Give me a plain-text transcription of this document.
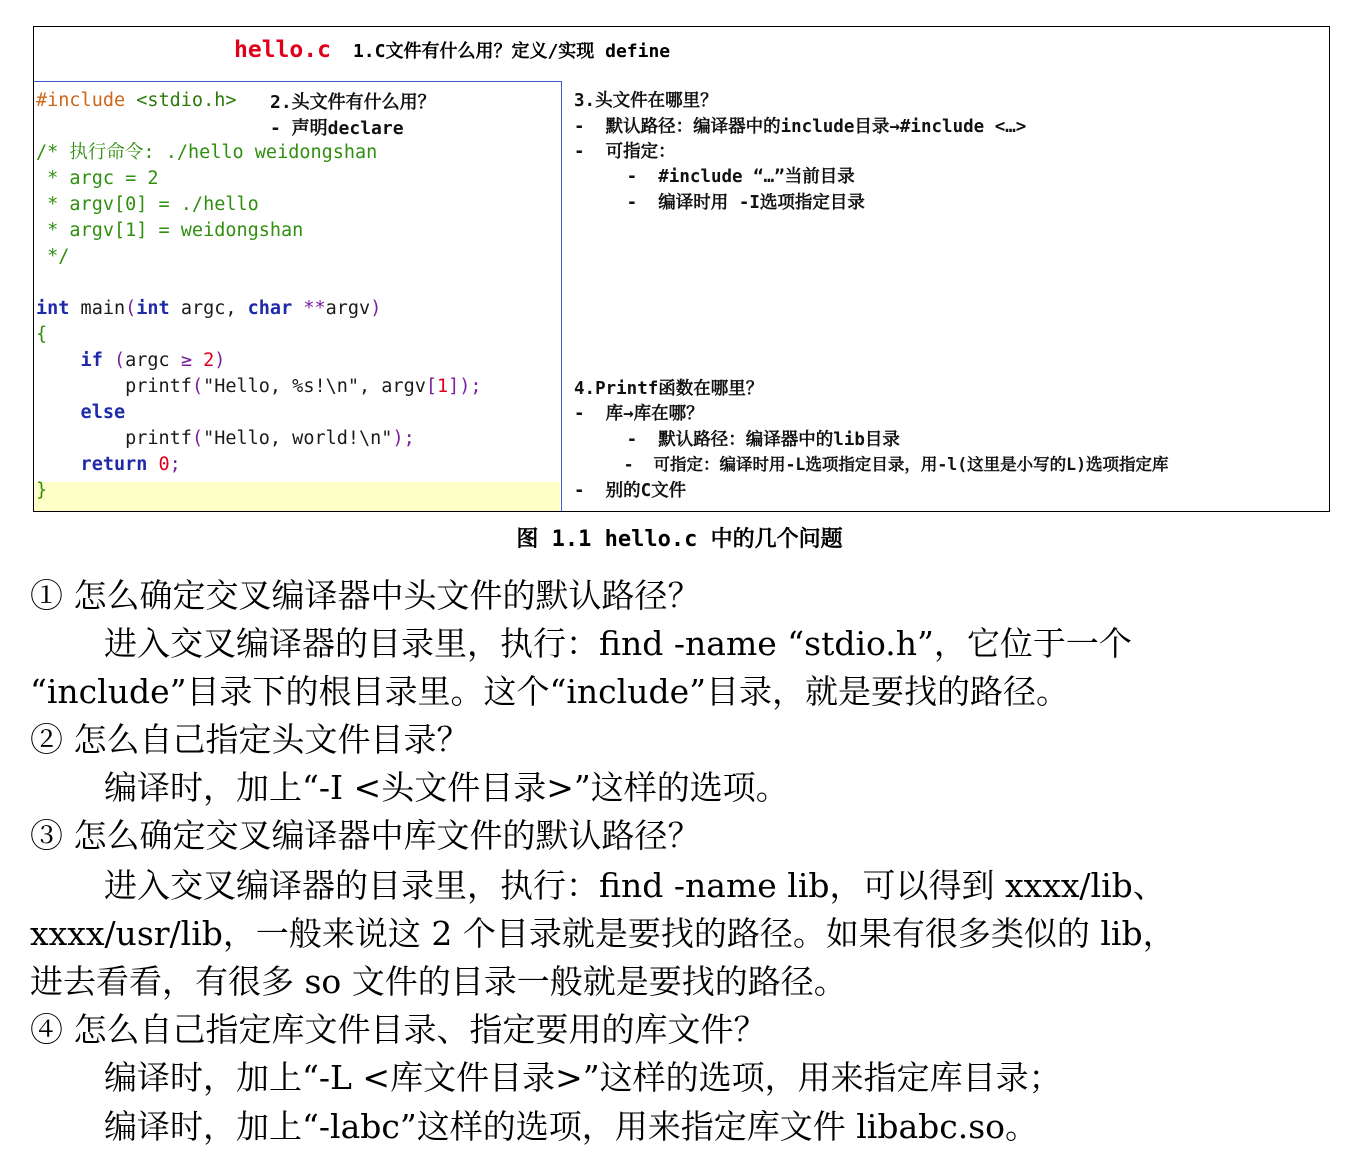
hello.c 1.C文件有什么用？定义/实现 define
#include <stdio.h>
/* 执行命令: ./hello weidongshan
* argc = 2
* argv[0] = ./hello
* argv[1] = weidongshan
*/
int main(int argc, char **argv)
{
if (argc ≥ 2)
printf("Hello, %s!\n", argv[1]);
else
printf("Hello, world!\n");
return 0;
}
2.头文件有什么用？
- 声明declare
3.头文件在哪里？
-  默认路径：编译器中的include目录→#include <…>
-  可指定：
-  #include “…”当前目录
-  编译时用 -I选项指定目录
4.Printf函数在哪里？
-  库→库在哪？
-  默认路径：编译器中的lib目录
-  可指定：编译时用-L选项指定目录，用-l(这里是小写的L)选项指定库
-  别的C文件
图 1.1 hello.c 中的几个问题
① 怎么确定交叉编译器中头文件的默认路径？
进入交叉编译器的目录里，执行：find -name “stdio.h”，它位于一个
“include”目录下的根目录里。这个“include”目录，就是要找的路径。
② 怎么自己指定头文件目录？
编译时，加上“-I <头文件目录>”这样的选项。
③ 怎么确定交叉编译器中库文件的默认路径？
进入交叉编译器的目录里，执行：find -name lib，可以得到 xxxx/lib、
xxxx/usr/lib，一般来说这 2 个目录就是要找的路径。如果有很多类似的 lib，
进去看看，有很多 so 文件的目录一般就是要找的路径。
④ 怎么自己指定库文件目录、指定要用的库文件？
编译时，加上“-L <库文件目录>”这样的选项，用来指定库目录；
编译时，加上“-labc”这样的选项，用来指定库文件 libabc.so。
